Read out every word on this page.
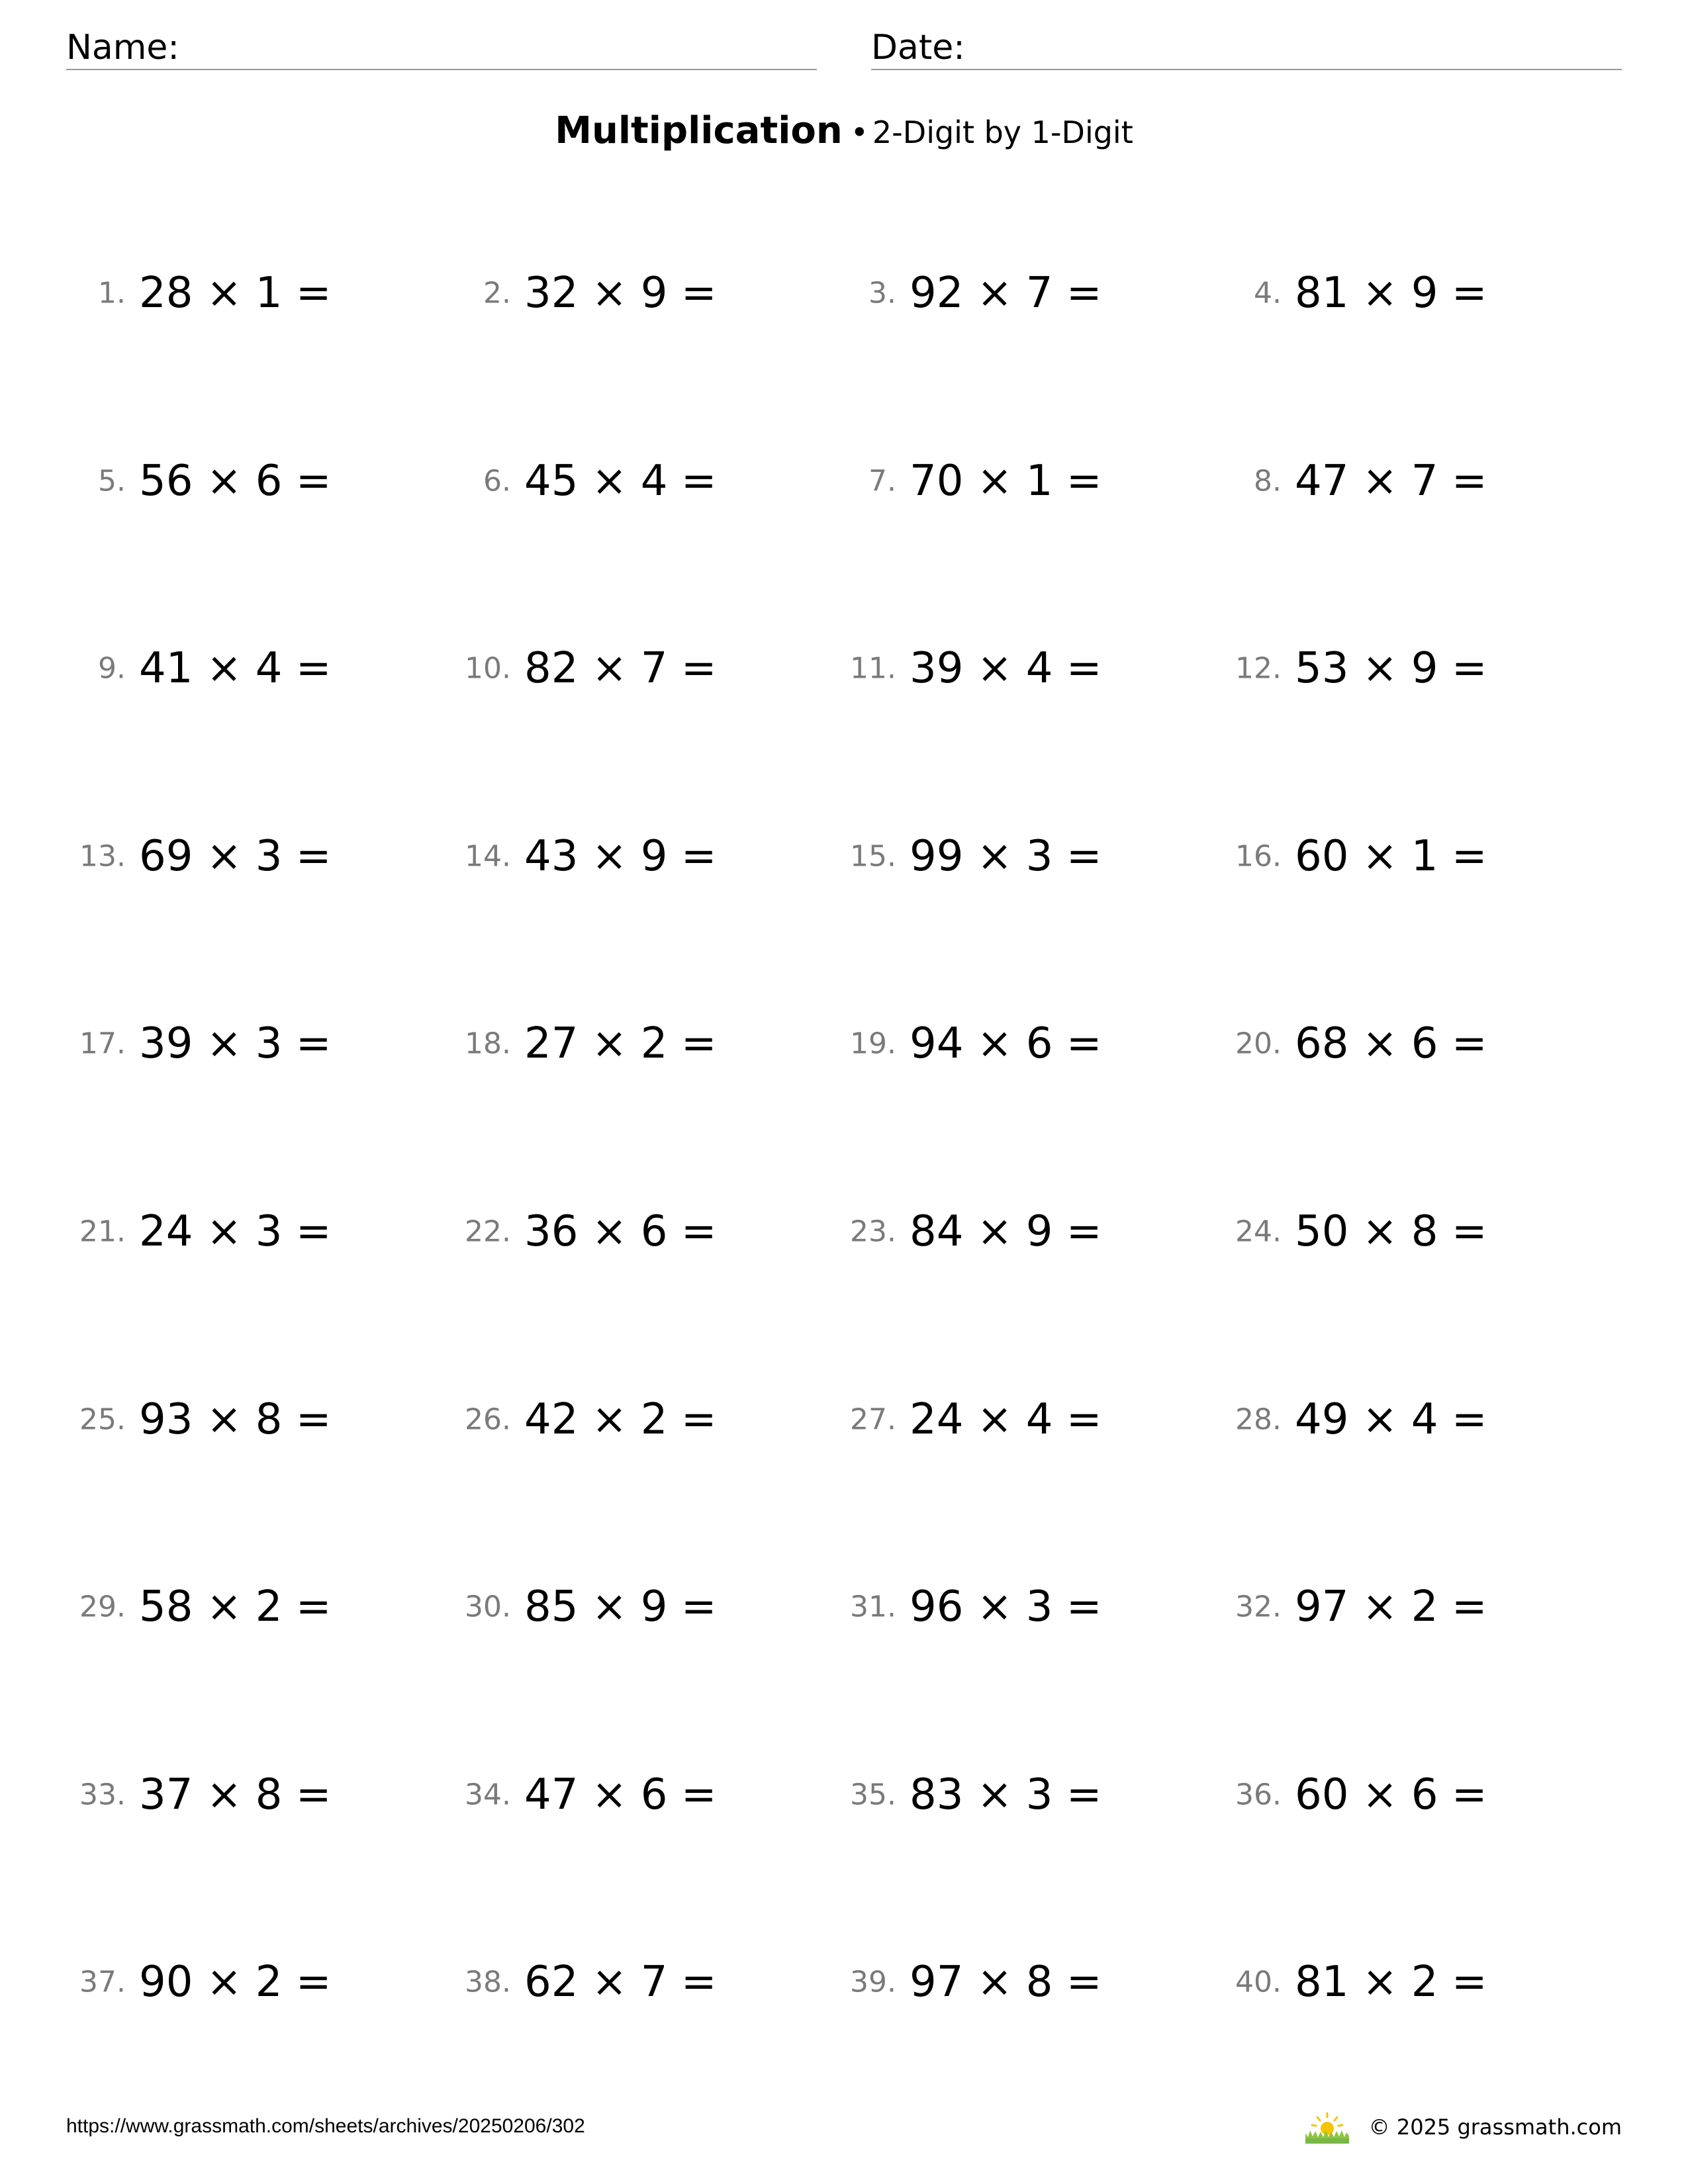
Name:	Date:
Multiplication • 2-Digit by 1-Digit
1. 28 × 1 =	2. 32 × 9 =	3. 92 × 7 =	4. 81 × 9 =
5. 56 × 6 =	6. 45 × 4 =	7. 70 × 1 =	8. 47 × 7 =
9. 41 × 4 =	10. 82 × 7 =	11. 39 × 4 =	12. 53 × 9 =
13. 69 × 3 =	14. 43 × 9 =	15. 99 × 3 =	16. 60 × 1 =
17. 39 × 3 =	18. 27 × 2 =	19. 94 × 6 =	20. 68 × 6 =
21. 24 × 3 =	22. 36 × 6 =	23. 84 × 9 =	24. 50 × 8 =
25. 93 × 8 =	26. 42 × 2 =	27. 24 × 4 =	28. 49 × 4 =
29. 58 × 2 =	30. 85 × 9 =	31. 96 × 3 =	32. 97 × 2 =
33. 37 × 8 =	34. 47 × 6 =	35. 83 × 3 =	36. 60 × 6 =
37. 90 × 2 =	38. 62 × 7 =	39. 97 × 8 =	40. 81 × 2 =
https://www.grassmath.com/sheets/archives/20250206/302	© 2025 grassmath.com
